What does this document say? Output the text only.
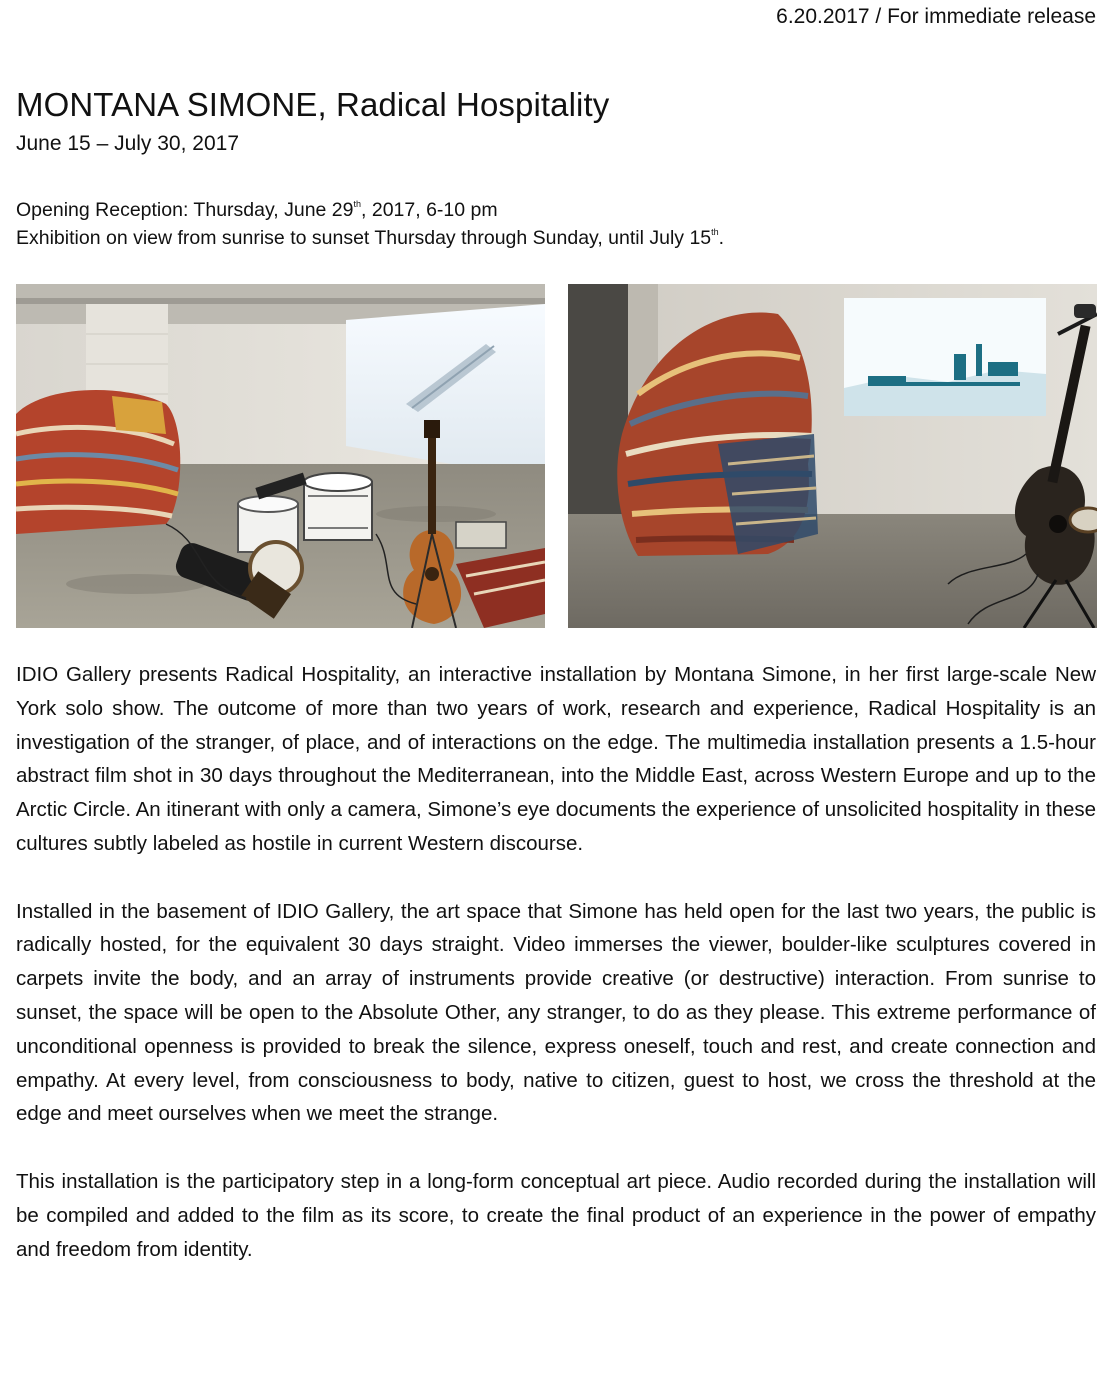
6.20.2017 / For immediate release
MONTANA SIMONE, Radical Hospitality
June 15 – July 30, 2017

Opening Reception: Thursday, June 29th, 2017, 6-10 pm

Exhibition on view from sunrise to sunset Thursday through Sunday, until July 15th.

IDIO Gallery presents Radical Hospitality, an interactive installation by Montana Simone, in her first large-scale New York solo show. The outcome of more than two years of work, research and experience, Radical Hospitality is an investigation of the stranger, of place, and of interactions on the edge. The multimedia installation presents a 1.5-hour abstract film shot in 30 days throughout the Mediterranean, into the Middle East, across Western Europe and up to the Arctic Circle. An itinerant with only a camera, Simone’s eye documents the experience of unsolicited hospitality in these cultures subtly labeled as hostile in current Western discourse.

Installed in the basement of IDIO Gallery, the art space that Simone has held open for the last two years, the public is radically hosted, for the equivalent 30 days straight. Video immerses the viewer, boulder-like sculptures covered in carpets invite the body, and an array of instruments provide creative (or destructive) interaction. From sunrise to sunset, the space will be open to the Absolute Other, any stranger, to do as they please. This extreme performance of unconditional openness is provided to break the silence, express oneself, touch and rest, and create connection and empathy. At every level, from consciousness to body, native to citizen, guest to host, we cross the threshold at the edge and meet ourselves when we meet the strange.

This installation is the participatory step in a long-form conceptual art piece. Audio recorded during the installation will be compiled and added to the film as its score, to create the final product of an experience in the power of empathy and freedom from identity.
